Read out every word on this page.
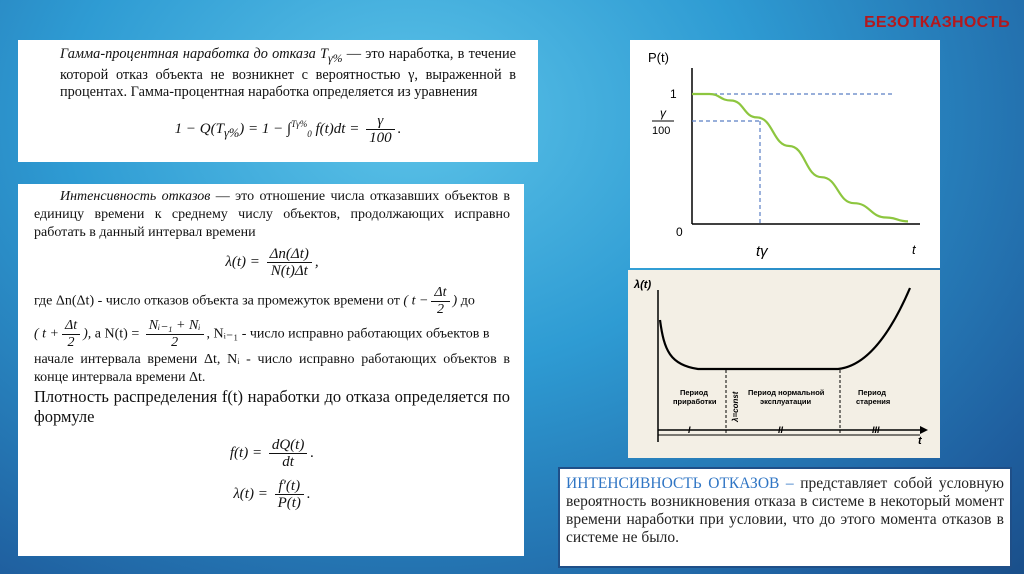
БЕЗОТКАЗНОСТЬ

Гамма-процентная наработка до отказа $T_{\gamma\%}$ — это наработка, в течение которой отказ объекта не возникнет с вероятностью γ, выраженной в процентах. Гамма-процентная наработка определяется из уравнения

$1 - Q(T_{\gamma\%}) = 1 - \int^{T\gamma\%}_0$ $f(t)dt = \frac{\gamma}{100}$ .

Интенсивность отказов — это отношение числа отказавших объектов в единицу времени к среднему числу объектов, продолжающих исправно работать в данный интервал времени

$\lambda(t) = \frac{\Delta n(\Delta t)}{N(t)\Delta t}$ ,

где Δn(Δt) - число отказов объекта за промежуток времени от ( $t - \frac{\Delta t}{2}$ ) до

( $t + \frac{\Delta t}{2}$ ), а $N(t) = \frac{\text{Nᵢ₋₁ + Nᵢ}}{2}$ , Nᵢ₋₁ - число исправно работающих объектов в

начале интервала времени Δt, Nᵢ - число исправно работающих объектов в конце интервала времени Δt.

Плотность распределения f(t) наработки до отказа определяется по формуле

$f(t) = \frac{dQ(t)}{dt}$ .
$\lambda(t) = \frac{f'(t)}{P(t)}$ .
P(t)
1
γ
100
0
t
tγ
λ(t)
t
Период
приработки
Период нормальной
эксплуатации
Период
старения
λ=const
I	II	III
ИНТЕНСИВНОСТЬ ОТКАЗОВ – представляет собой условную вероятность возникновения отказа в системе в некоторый момент времени наработки при условии, что до этого момента отказов в системе не было.
